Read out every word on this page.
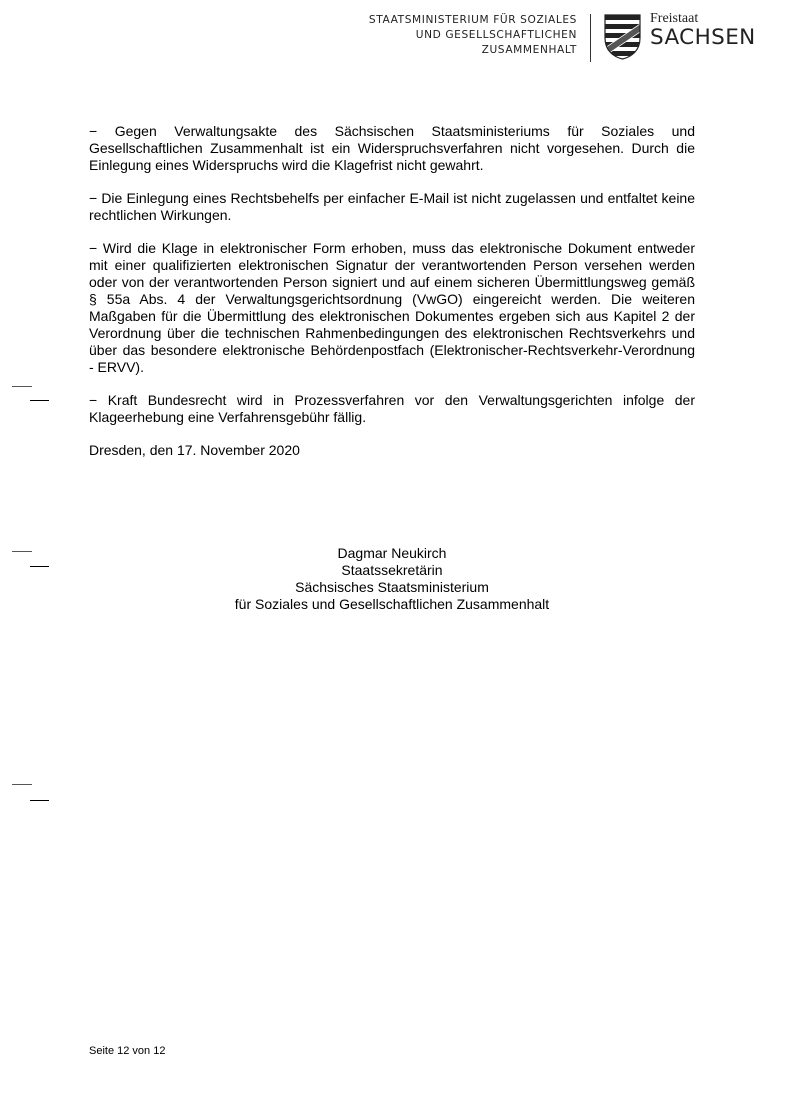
STAATSMINISTERIUM FÜR SOZIALES
UND GESELLSCHAFTLICHEN
ZUSAMMENHALT
Freistaat
SACHSEN

− Gegen Verwaltungsakte des Sächsischen Staatsministeriums für Soziales und Gesellschaftlichen Zusammenhalt ist ein Widerspruchsverfahren nicht vorgesehen. Durch die Einlegung eines Widerspruchs wird die Klagefrist nicht gewahrt.

− Die Einlegung eines Rechtsbehelfs per einfacher E-Mail ist nicht zugelassen und entfaltet keine rechtlichen Wirkungen.

− Wird die Klage in elektronischer Form erhoben, muss das elektronische Dokument entweder mit einer qualifizierten elektronischen Signatur der verantwortenden Person versehen werden oder von der verantwortenden Person signiert und auf einem sicheren Übermittlungsweg gemäß § 55a Abs. 4 der Verwaltungsgerichtsordnung (VwGO) eingereicht werden. Die weiteren Maßgaben für die Übermittlung des elektronischen Dokumentes ergeben sich aus Kapitel 2 der Verordnung über die technischen Rahmenbedingungen des elektronischen Rechtsverkehrs und über das besondere elektronische Behördenpostfach (Elektronischer-Rechtsverkehr-Verordnung - ERVV).

− Kraft Bundesrecht wird in Prozessverfahren vor den Verwaltungsgerichten infolge der Klageerhebung eine Verfahrensgebühr fällig.

Dresden, den 17. November 2020

Dagmar Neukirch
Staatssekretärin
Sächsisches Staatsministerium
für Soziales und Gesellschaftlichen Zusammenhalt
Seite 12 von 12
